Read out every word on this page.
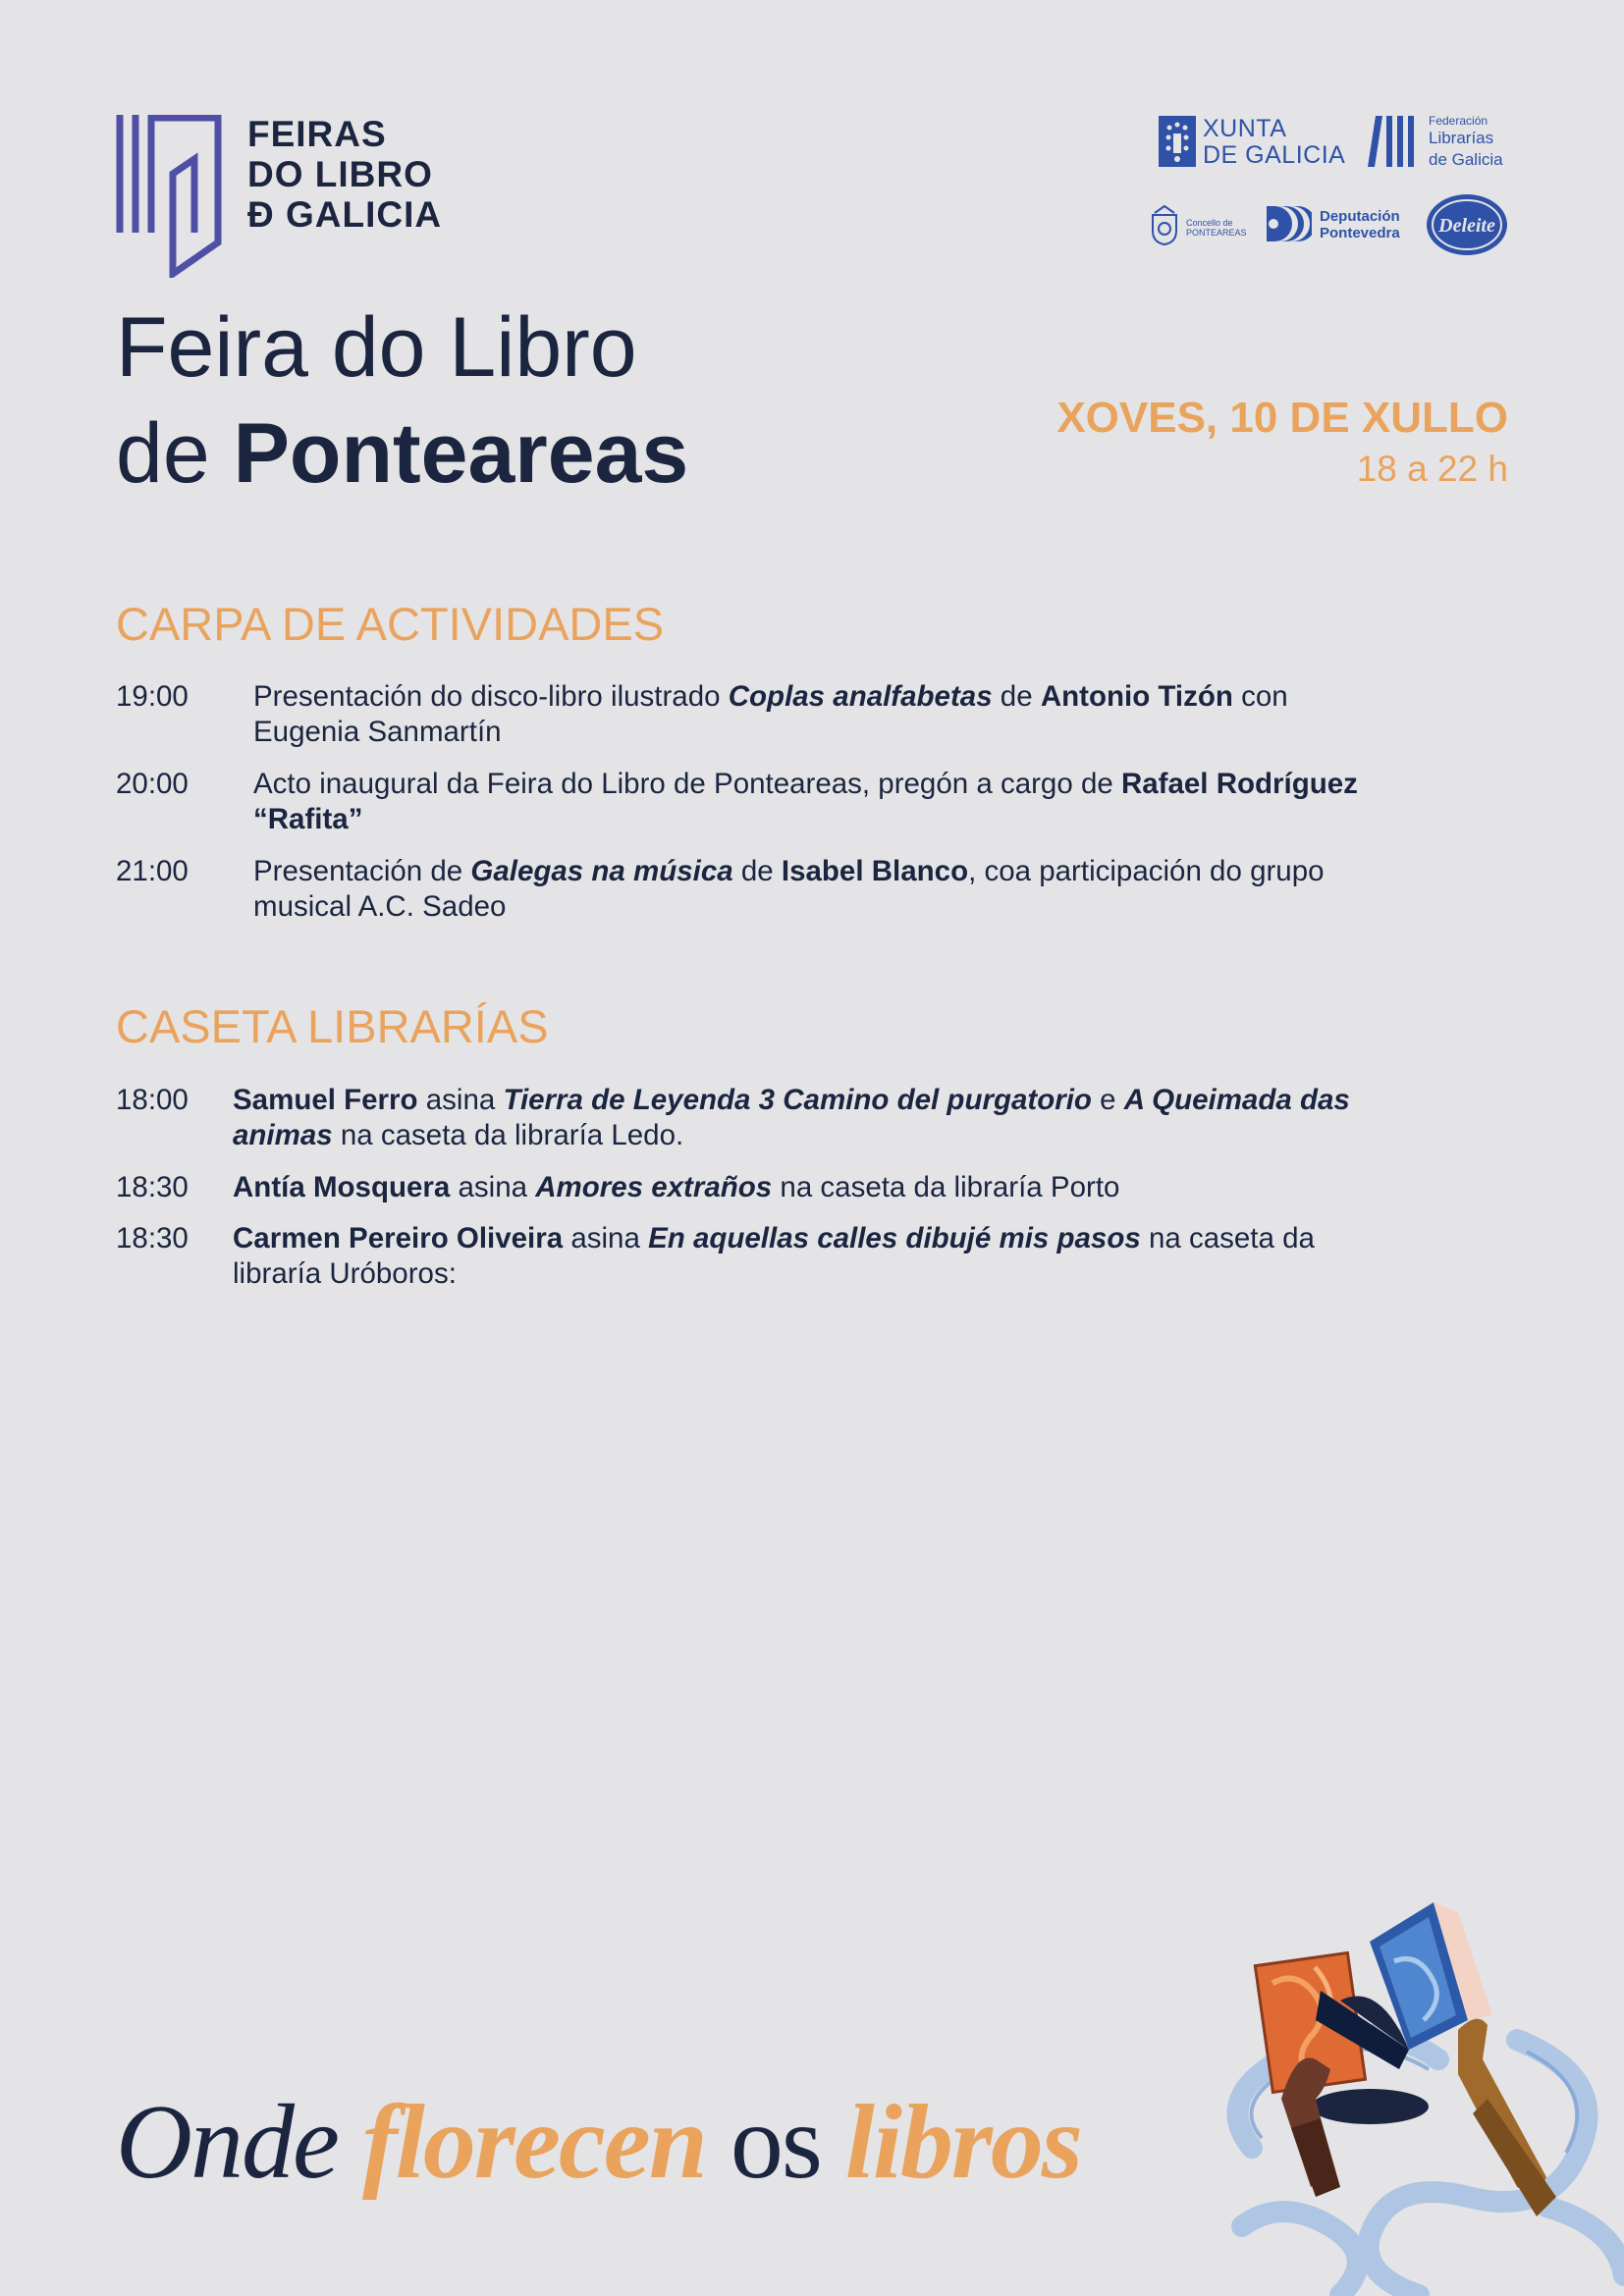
FEIRAS
DO LIBRO
Đ GALICIA
XUNTA
DE GALICIA
Federación
Librarías
de Galicia
Concello de
PONTEAREAS
Deputación
Pontevedra Deleite
Feira do Libro
de Ponteareas	XOVES, 10 DE XULLO
18 a 22 h
CARPA DE ACTIVIDADES
19:00 Presentación do disco-libro ilustrado Coplas analfabetas de Antonio Tizón con Eugenia Sanmartín
20:00 Acto inaugural da Feira do Libro de Ponteareas, pregón a cargo de Rafael Rodríguez “Rafita”
21:00 Presentación de Galegas na música de Isabel Blanco, coa participación do grupo musical A.C. Sadeo
CASETA LIBRARÍAS
18:00 Samuel Ferro asina Tierra de Leyenda 3 Camino del purgatorio e A Queimada das animas na caseta da libraría Ledo.
18:30 Antía Mosquera asina Amores extraños na caseta da libraría Porto
18:30 Carmen Pereiro Oliveira asina En aquellas calles dibujé mis pasos na caseta da libraría Uróboros:
Onde florecen os libros
